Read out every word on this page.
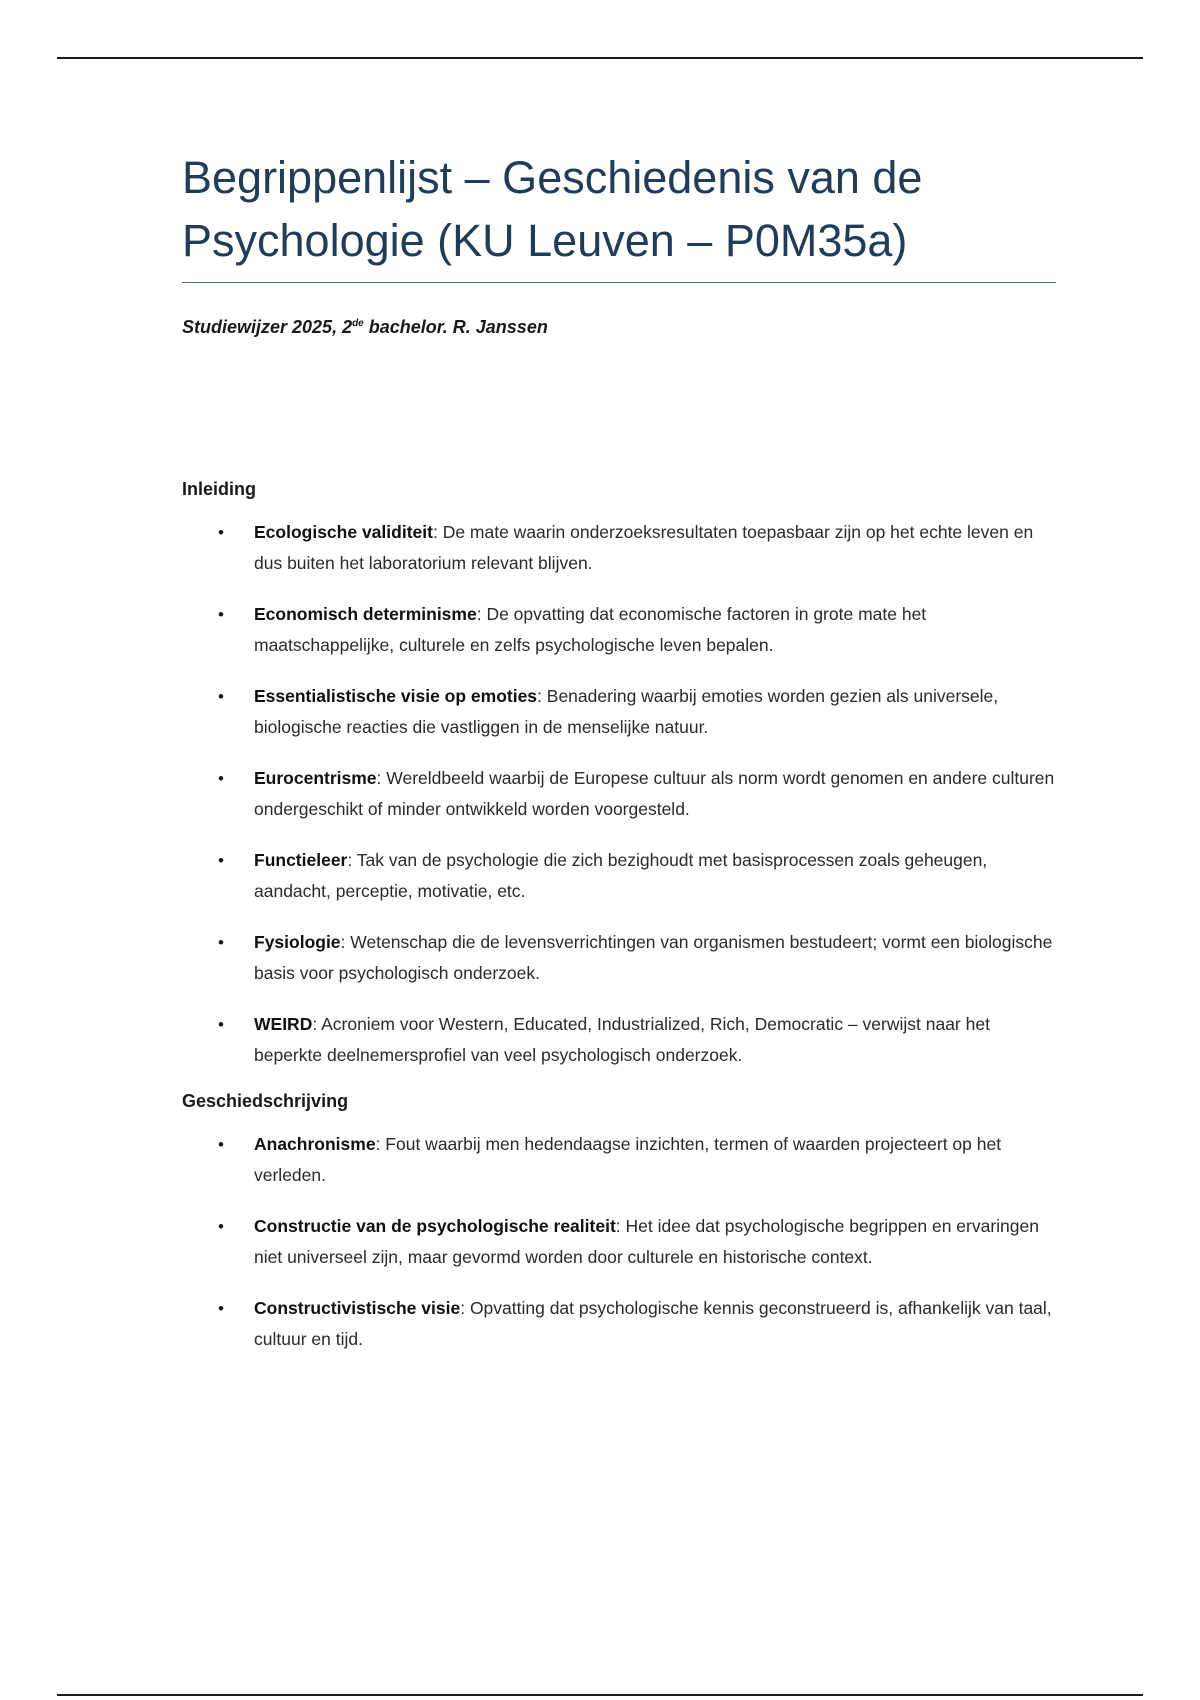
Begrippenlijst – Geschiedenis van de Psychologie (KU Leuven – P0M35a)
Studiewijzer 2025, 2de bachelor. R. Janssen
Inleiding
• Ecologische validiteit: De mate waarin onderzoeksresultaten toepasbaar zijn op het echte leven en dus buiten het laboratorium relevant blijven.
• Economisch determinisme: De opvatting dat economische factoren in grote mate het maatschappelijke, culturele en zelfs psychologische leven bepalen.
• Essentialistische visie op emoties: Benadering waarbij emoties worden gezien als universele, biologische reacties die vastliggen in de menselijke natuur.
• Eurocentrisme: Wereldbeeld waarbij de Europese cultuur als norm wordt genomen en andere culturen ondergeschikt of minder ontwikkeld worden voorgesteld.
• Functieleer: Tak van de psychologie die zich bezighoudt met basisprocessen zoals geheugen, aandacht, perceptie, motivatie, etc.
• Fysiologie: Wetenschap die de levensverrichtingen van organismen bestudeert; vormt een biologische basis voor psychologisch onderzoek.
• WEIRD: Acroniem voor Western, Educated, Industrialized, Rich, Democratic – verwijst naar het beperkte deelnemersprofiel van veel psychologisch onderzoek.
Geschiedschrijving
• Anachronisme: Fout waarbij men hedendaagse inzichten, termen of waarden projecteert op het verleden.
• Constructie van de psychologische realiteit: Het idee dat psychologische begrippen en ervaringen niet universeel zijn, maar gevormd worden door culturele en historische context.
• Constructivistische visie: Opvatting dat psychologische kennis geconstrueerd is, afhankelijk van taal, cultuur en tijd.
